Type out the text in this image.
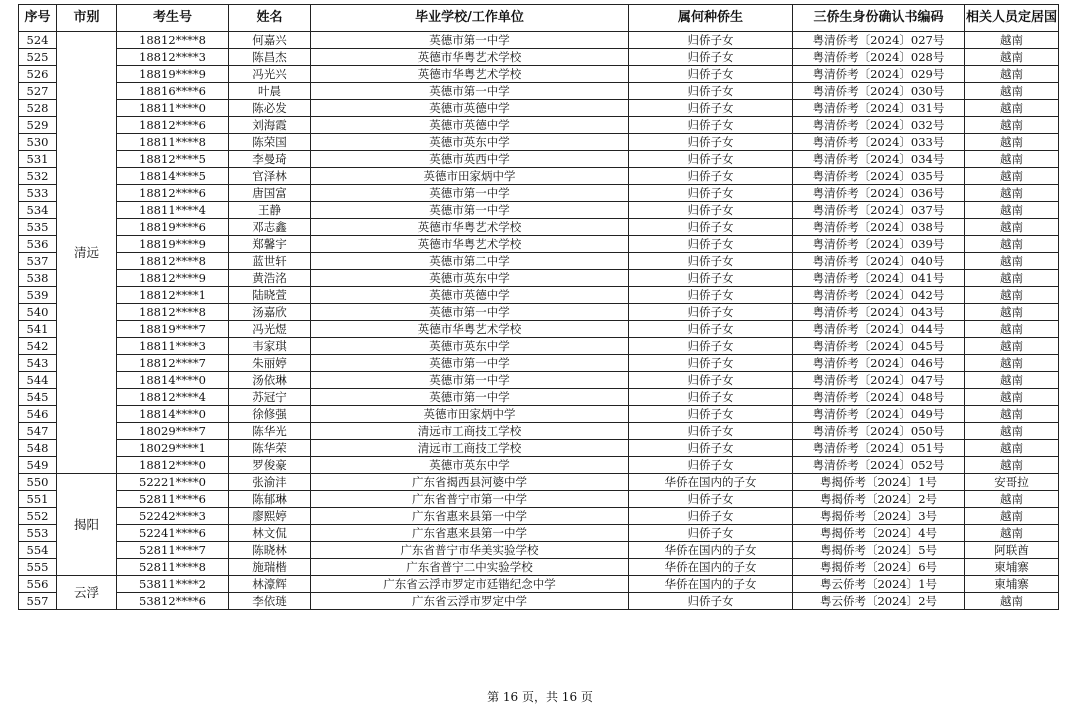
序号	市别	考生号	姓名	毕业学校/工作单位	属何种侨生	三侨生身份确认书编码	相关人员定居国
524	清远	18812****8	何嘉兴	英德市第一中学	归侨子女	粤清侨考〔2024〕027号	越南
525		18812****3	陈昌杰	英德市华粤艺术学校	归侨子女	粤清侨考〔2024〕028号	越南
526		18819****9	冯光兴	英德市华粤艺术学校	归侨子女	粤清侨考〔2024〕029号	越南
527		18816****6	叶晨	英德市第一中学	归侨子女	粤清侨考〔2024〕030号	越南
528		18811****0	陈必发	英德市英德中学	归侨子女	粤清侨考〔2024〕031号	越南
529		18812****6	刘海霞	英德市英德中学	归侨子女	粤清侨考〔2024〕032号	越南
530		18811****8	陈荣国	英德市英东中学	归侨子女	粤清侨考〔2024〕033号	越南
531		18812****5	李曼琦	英德市英西中学	归侨子女	粤清侨考〔2024〕034号	越南
532		18814****5	官泽林	英德市田家炳中学	归侨子女	粤清侨考〔2024〕035号	越南
533		18812****6	唐国富	英德市第一中学	归侨子女	粤清侨考〔2024〕036号	越南
534		18811****4	王静	英德市第一中学	归侨子女	粤清侨考〔2024〕037号	越南
535		18819****6	邓志鑫	英德市华粤艺术学校	归侨子女	粤清侨考〔2024〕038号	越南
536		18819****9	郑馨宇	英德市华粤艺术学校	归侨子女	粤清侨考〔2024〕039号	越南
537		18812****8	蓝世轩	英德市第二中学	归侨子女	粤清侨考〔2024〕040号	越南
538		18812****9	黄浩洺	英德市英东中学	归侨子女	粤清侨考〔2024〕041号	越南
539		18812****1	陆晓萱	英德市英德中学	归侨子女	粤清侨考〔2024〕042号	越南
540		18812****8	汤嘉欣	英德市第一中学	归侨子女	粤清侨考〔2024〕043号	越南
541		18819****7	冯光煜	英德市华粤艺术学校	归侨子女	粤清侨考〔2024〕044号	越南
542		18811****3	韦家琪	英德市英东中学	归侨子女	粤清侨考〔2024〕045号	越南
543		18812****7	朱丽婷	英德市第一中学	归侨子女	粤清侨考〔2024〕046号	越南
544		18814****0	汤依琳	英德市第一中学	归侨子女	粤清侨考〔2024〕047号	越南
545		18812****4	苏冠宁	英德市第一中学	归侨子女	粤清侨考〔2024〕048号	越南
546		18814****0	徐修强	英德市田家炳中学	归侨子女	粤清侨考〔2024〕049号	越南
547		18029****7	陈华光	清远市工商技工学校	归侨子女	粤清侨考〔2024〕050号	越南
548		18029****1	陈华荣	清远市工商技工学校	归侨子女	粤清侨考〔2024〕051号	越南
549		18812****0	罗俊豪	英德市英东中学	归侨子女	粤清侨考〔2024〕052号	越南
550	揭阳	52221****0	张渝沣	广东省揭西县河婆中学	华侨在国内的子女	粤揭侨考〔2024〕1号	安哥拉
551		52811****6	陈郁琳	广东省普宁市第一中学	归侨子女	粤揭侨考〔2024〕2号	越南
552		52242****3	廖熙婷	广东省惠来县第一中学	归侨子女	粤揭侨考〔2024〕3号	越南
553		52241****6	林文侃	广东省惠来县第一中学	归侨子女	粤揭侨考〔2024〕4号	越南
554		52811****7	陈晓林	广东省普宁市华美实验学校	华侨在国内的子女	粤揭侨考〔2024〕5号	阿联酋
555		52811****8	施瑞楷	广东省普宁二中实验学校	华侨在国内的子女	粤揭侨考〔2024〕6号	柬埔寨
556	云浮	53811****2	林濠辉	广东省云浮市罗定市廷锴纪念中学	华侨在国内的子女	粤云侨考〔2024〕1号	柬埔寨
557		53812****6	李依琏	广东省云浮市罗定中学	归侨子女	粤云侨考〔2024〕2号	越南
第 16 页，共 16 页
